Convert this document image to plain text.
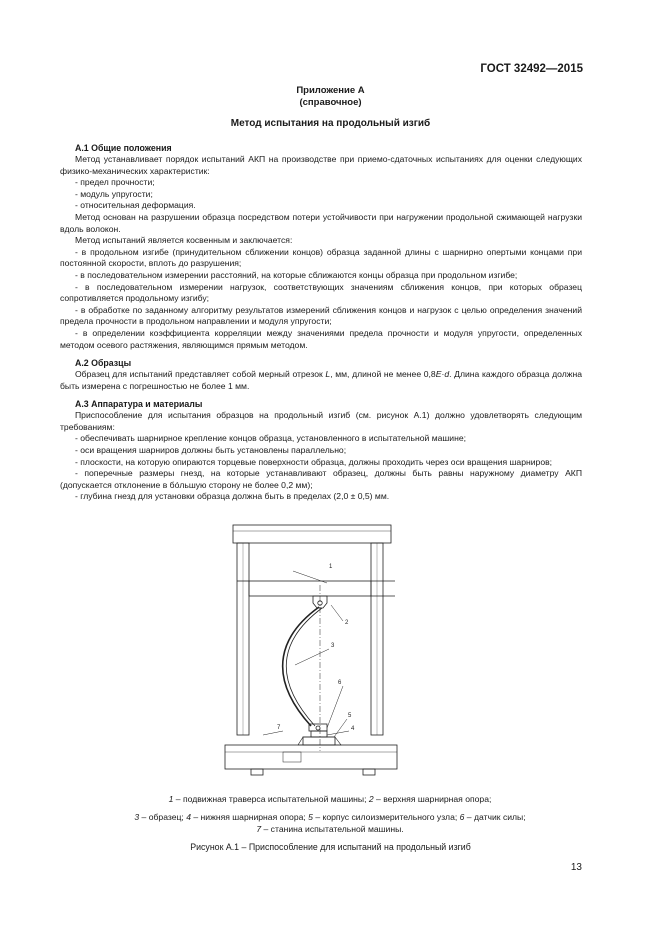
ГОСТ 32492—2015
Приложение А
(справочное)
Метод испытания на продольный изгиб
А.1 Общие положения

Метод устанавливает порядок испытаний АКП на производстве при приемо-сдаточных испытаниях для оценки следующих физико-механических характеристик:

- предел прочности;

- модуль упругости;

- относительная деформация.

Метод основан на разрушении образца посредством потери устойчивости при нагружении продольной сжимающей нагрузки вдоль волокон.

Метод испытаний является косвенным и заключается:

- в продольном изгибе (принудительном сближении концов) образца заданной длины с шарнирно опертыми концами при постоянной скорости, вплоть до разрушения;

- в последовательном измерении расстояний, на которые сближаются концы образца при продольном изгибе;

- в последовательном измерении нагрузок, соответствующих значениям сближения концов, при которых образец сопротивляется продольному изгибу;

- в обработке по заданному алгоритму результатов измерений сближения концов и нагрузок с целью определения значений предела прочности в продольном направлении и модуля упругости;

- в определении коэффициента корреляции между значениями предела прочности и модуля упругости, определенных методом осевого растяжения, являющимся прямым методом.

А.2 Образцы

Образец для испытаний представляет собой мерный отрезок L, мм, длиной не менее 0,8E·d. Длина каждого образца должна быть измерена с погрешностью не более 1 мм.

А.3 Аппаратура и материалы

Приспособление для испытания образцов на продольный изгиб (см. рисунок А.1) должно удовлетворять следующим требованиям:

- обеспечивать шарнирное крепление концов образца, установленного в испытательной машине;

- оси вращения шарниров должны быть установлены параллельно;

- плоскости, на которую опираются торцевые поверхности образца, должны проходить через оси вращения шарниров;

- поперечные размеры гнезд, на которые устанавливают образец, должны быть равны наружному диаметру АКП (допускается отклонение в бóльшую сторону не более 0,2 мм);

- глубина гнезд для установки образца должна быть в пределах (2,0 ± 0,5) мм.

1
2
3
6
5
4
7
1 – подвижная траверса испытательной машины; 2 – верхняя шарнирная опора;
3 – образец; 4 – нижняя шарнирная опора; 5 – корпус силоизмерительного узла; 6 – датчик силы;
7 – станина испытательной машины.
Рисунок А.1 – Приспособление для испытаний на продольный изгиб
13
